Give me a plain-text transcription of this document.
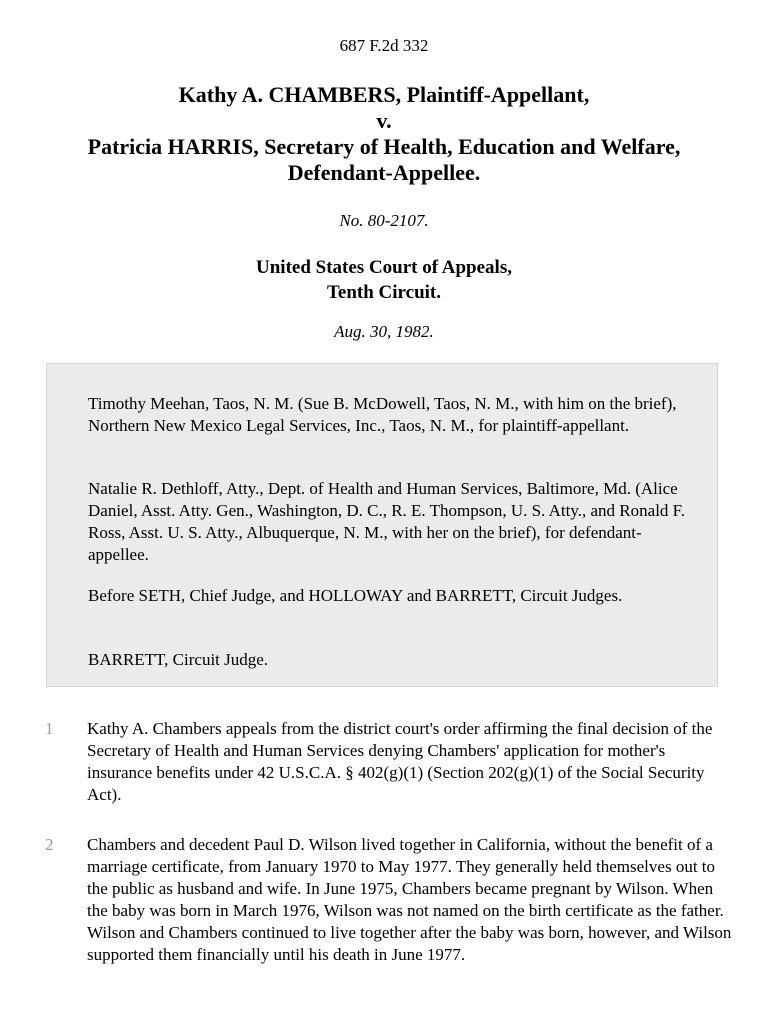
687 F.2d 332
Kathy A. CHAMBERS, Plaintiff-Appellant,
v.
Patricia HARRIS, Secretary of Health, Education and Welfare,
Defendant-Appellee.
No. 80-2107.
United States Court of Appeals,
Tenth Circuit.
Aug. 30, 1982.

Timothy Meehan, Taos, N. M. (Sue B. McDowell, Taos, N. M., with him on the brief), Northern New Mexico Legal Services, Inc., Taos, N. M., for plaintiff-appellant.

Natalie R. Dethloff, Atty., Dept. of Health and Human Services, Baltimore, Md. (Alice Daniel, Asst. Atty. Gen., Washington, D. C., R. E. Thompson, U. S. Atty., and Ronald F. Ross, Asst. U. S. Atty., Albuquerque, N. M., with her on the brief), for defendant-appellee.

Before SETH, Chief Judge, and HOLLOWAY and BARRETT, Circuit Judges.

BARRETT, Circuit Judge.

1 Kathy A. Chambers appeals from the district court's order affirming the final decision of the Secretary of Health and Human Services denying Chambers' application for mother's insurance benefits under 42 U.S.C.A. § 402(g)(1) (Section 202(g)(1) of the Social Security Act).

2 Chambers and decedent Paul D. Wilson lived together in California, without the benefit of a marriage certificate, from January 1970 to May 1977. They generally held themselves out to the public as husband and wife. In June 1975, Chambers became pregnant by Wilson. When the baby was born in March 1976, Wilson was not named on the birth certificate as the father. Wilson and Chambers continued to live together after the baby was born, however, and Wilson supported them financially until his death in June 1977.
